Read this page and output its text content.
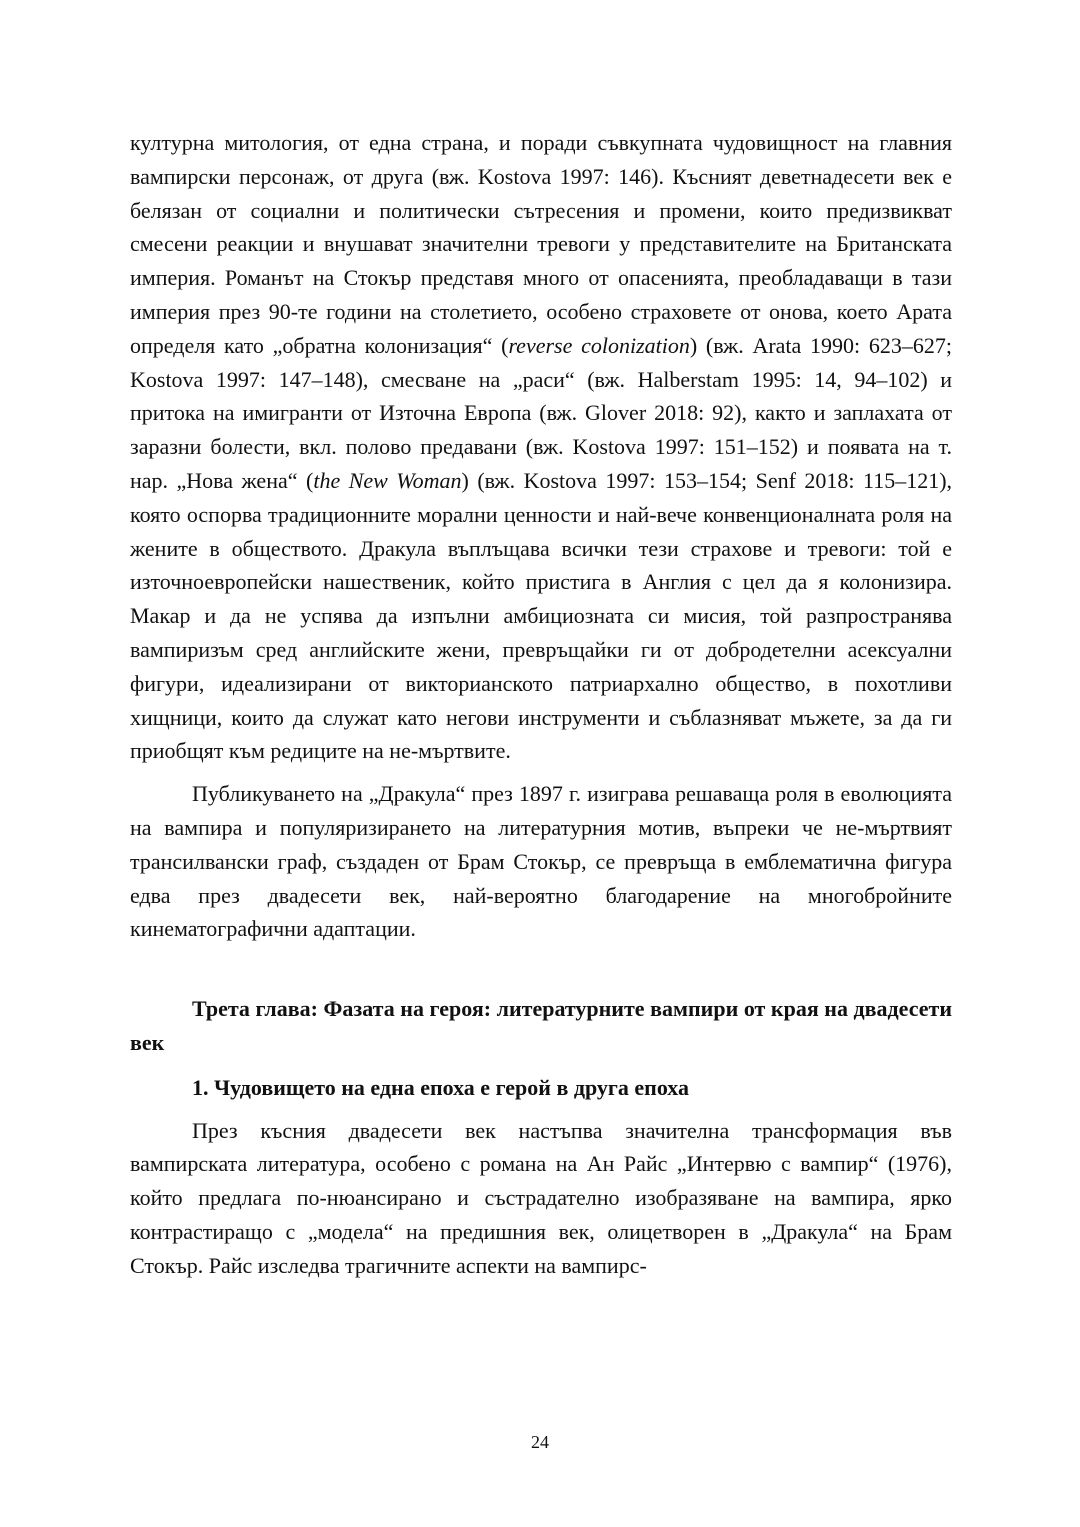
културна митология, от една страна, и поради съвкупната чудовищност на главния вампирски персонаж, от друга (вж. Kostova 1997: 146). Късният деветнадесети век е белязан от социални и политически сътресения и промени, които предизвикват смесени реакции и внушават значителни тревоги у представителите на Британската империя. Романът на Стокър представя много от опасенията, преобладаващи в тази империя през 90-те години на столетието, особено страховете от онова, което Арата определя като „обратна колонизация“ (reverse colonization) (вж. Arata 1990: 623–627; Kostova 1997: 147–148), смесване на „раси“ (вж. Halberstam 1995: 14, 94–102) и притока на имигранти от Източна Европа (вж. Glover 2018: 92), както и заплахата от заразни болести, вкл. полово предавани (вж. Kostova 1997: 151–152) и появата на т. нар. „Нова жена“ (the New Woman) (вж. Kostova 1997: 153–154; Senf 2018: 115–121), която оспорва традиционните морални ценности и най-вече конвенционалната роля на жените в обществото. Дракула въплъщава всички тези страхове и тревоги: той е източноевропейски нашественик, който пристига в Англия с цел да я колонизира. Макар и да не успява да изпълни амбициозната си мисия, той разпространява вампиризъм сред английските жени, превръщайки ги от добродетелни асексуални фигури, идеализирани от викторианското патриархално общество, в похотливи хищници, които да служат като негови инструменти и съблазняват мъжете, за да ги приобщят към редиците на не-мъртвите.

Публикуването на „Дракула“ през 1897 г. изиграва решаваща роля в еволюцията на вампира и популяризирането на литературния мотив, въпреки че не-мъртвият трансилвански граф, създаден от Брам Стокър, се превръща в емблематична фигура едва през двадесети век, най-вероятно благодарение на многобройните кинематографични адаптации.

Трета глава: Фазата на героя: литературните вампири от края на двадесети век
1. Чудовището на една епоха е герой в друга епоха

През късния двадесети век настъпва значителна трансформация във вампирската литература, особено с романа на Ан Райс „Интервю с вампир“ (1976), който предлага по-нюансирано и състрадателно изобразяване на вампира, ярко контрастиращо с „модела“ на предишния век, олицетворен в „Дракула“ на Брам Стокър. Райс изследва трагичните аспекти на вампирс-

24
